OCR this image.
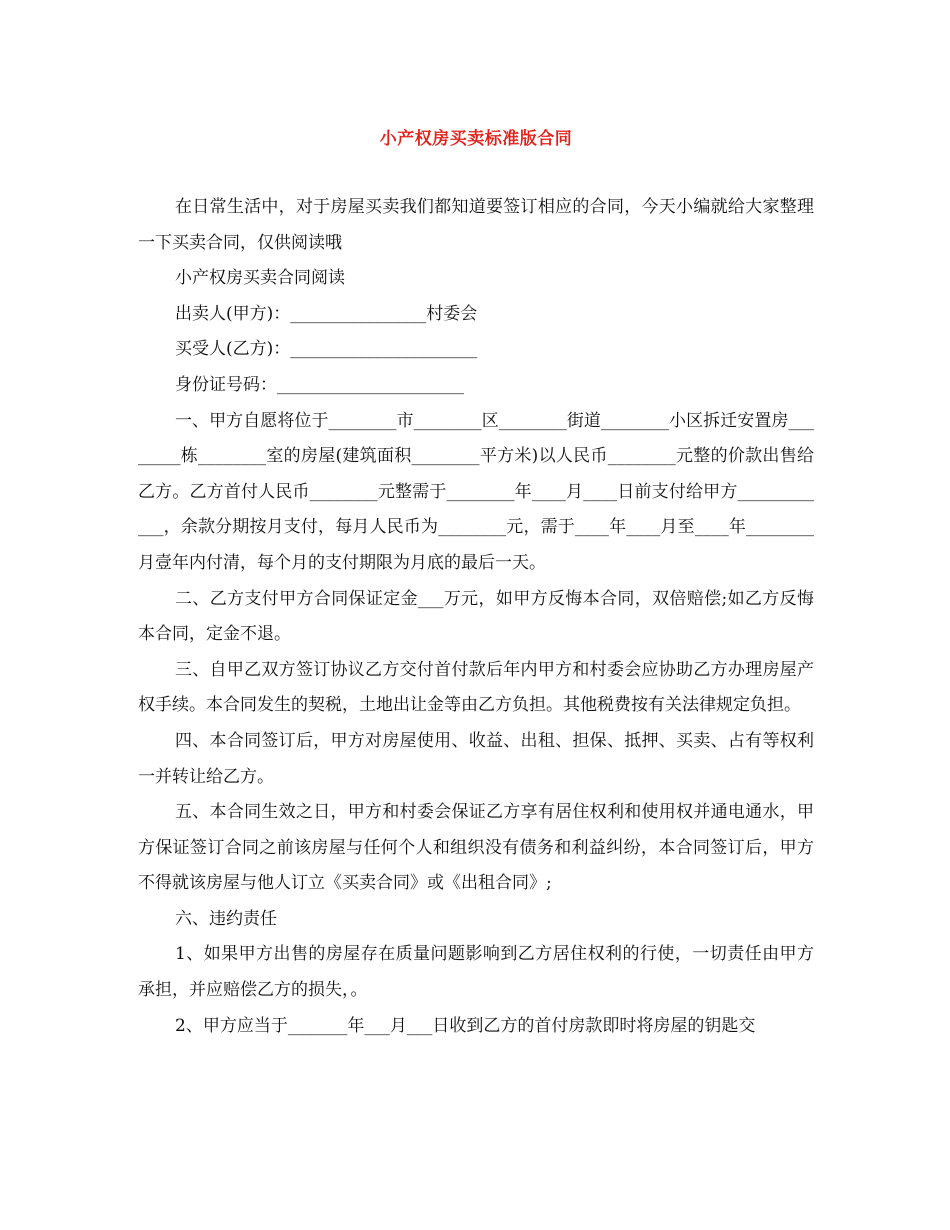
小产权房买卖标准版合同

在日常生活中，对于房屋买卖我们都知道要签订相应的合同，今天小编就给大家整理一下买卖合同，仅供阅读哦

小产权房买卖合同阅读

出卖人(甲方)：________________村委会

买受人(乙方)：______________________

身份证号码：______________________

一、甲方自愿将位于________市________区________街道________小区拆迁安置房________栋________室的房屋(建筑面积________平方米)以人民币________元整的价款出售给乙方。乙方首付人民币________元整需于________年____月____日前支付给甲方____________，余款分期按月支付，每月人民币为________元，需于____年____月至____年________月壹年内付清，每个月的支付期限为月底的最后一天。

二、乙方支付甲方合同保证定金___万元，如甲方反悔本合同，双倍赔偿;如乙方反悔本合同，定金不退。

三、自甲乙双方签订协议乙方交付首付款后年内甲方和村委会应协助乙方办理房屋产权手续。本合同发生的契税，土地出让金等由乙方负担。其他税费按有关法律规定负担。

四、本合同签订后，甲方对房屋使用、收益、出租、担保、抵押、买卖、占有等权利一并转让给乙方。

五、本合同生效之日，甲方和村委会保证乙方享有居住权利和使用权并通电通水，甲方保证签订合同之前该房屋与任何个人和组织没有债务和利益纠纷，本合同签订后，甲方不得就该房屋与他人订立《买卖合同》或《出租合同》;

六、违约责任

1、如果甲方出售的房屋存在质量问题影响到乙方居住权利的行使，一切责任由甲方承担，并应赔偿乙方的损失，。

2、甲方应当于_______年___月___日收到乙方的首付房款即时将房屋的钥匙交
